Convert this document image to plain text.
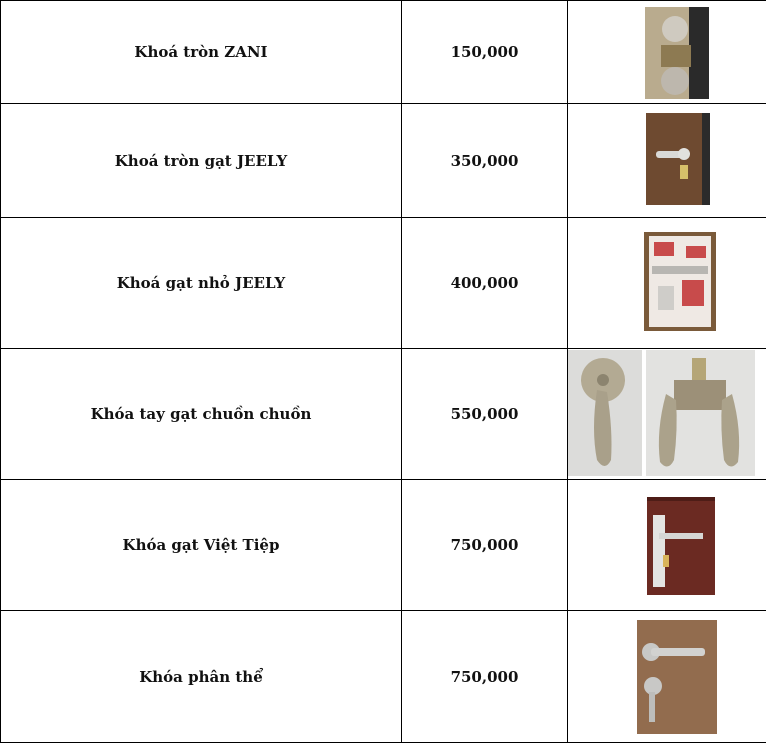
Khoá tròn ZANI	150,000	

Khoá tròn gạt JEELY	350,000	

Khoá gạt nhỏ JEELY	400,000	

Khóa tay gạt chuồn chuồn	550,000	

Khóa gạt Việt Tiệp	750,000	

Khóa phân thể	750,000	
